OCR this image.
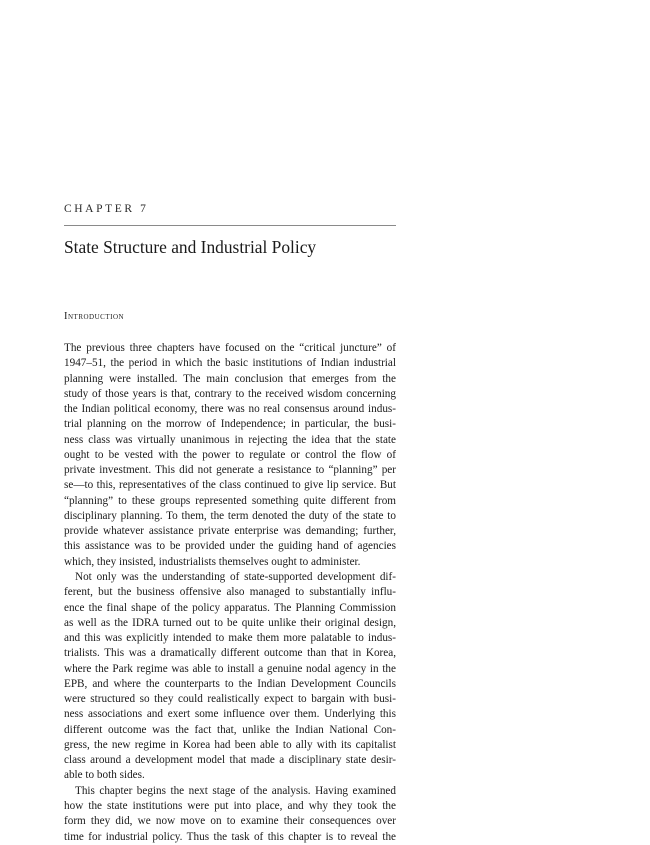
CHAPTER 7
State Structure and Industrial Policy
Introduction
The previous three chapters have focused on the “critical juncture” of
1947–51, the period in which the basic institutions of Indian industrial
planning were installed. The main conclusion that emerges from the
study of those years is that, contrary to the received wisdom concerning
the Indian political economy, there was no real consensus around indus-
trial planning on the morrow of Independence; in particular, the busi-
ness class was virtually unanimous in rejecting the idea that the state
ought to be vested with the power to regulate or control the flow of
private investment. This did not generate a resistance to “planning” per
se—to this, representatives of the class continued to give lip service. But
“planning” to these groups represented something quite different from
disciplinary planning. To them, the term denoted the duty of the state to
provide whatever assistance private enterprise was demanding; further,
this assistance was to be provided under the guiding hand of agencies
which, they insisted, industrialists themselves ought to administer.
Not only was the understanding of state-supported development dif-
ferent, but the business offensive also managed to substantially influ-
ence the final shape of the policy apparatus. The Planning Commission
as well as the IDRA turned out to be quite unlike their original design,
and this was explicitly intended to make them more palatable to indus-
trialists. This was a dramatically different outcome than that in Korea,
where the Park regime was able to install a genuine nodal agency in the
EPB, and where the counterparts to the Indian Development Councils
were structured so they could realistically expect to bargain with busi-
ness associations and exert some influence over them. Underlying this
different outcome was the fact that, unlike the Indian National Con-
gress, the new regime in Korea had been able to ally with its capitalist
class around a development model that made a disciplinary state desir-
able to both sides.
This chapter begins the next stage of the analysis. Having examined
how the state institutions were put into place, and why they took the
form they did, we now move on to examine their consequences over
time for industrial policy. Thus the task of this chapter is to reveal the
